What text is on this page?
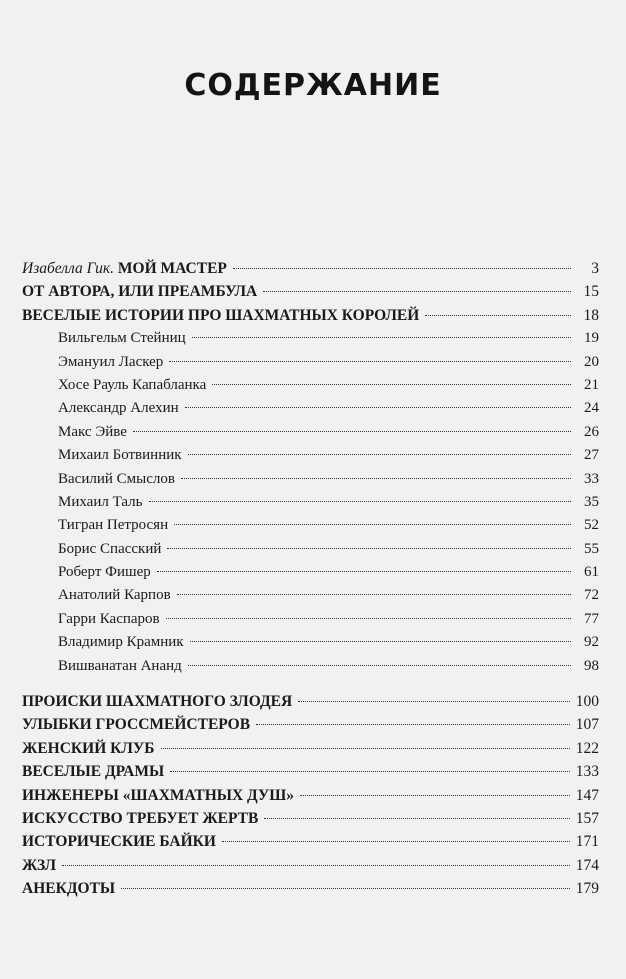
СОДЕРЖАНИЕ
Изабелла Гик. МОЙ МАСТЕР	3
ОТ АВТОРА, ИЛИ ПРЕАМБУЛА	15
ВЕСЕЛЫЕ ИСТОРИИ ПРО ШАХМАТНЫХ КОРОЛЕЙ	18
Вильгельм Стейниц	19
Эмануил Ласкер	20
Хосе Рауль Капабланка	21
Александр Алехин	24
Макс Эйве	26
Михаил Ботвинник	27
Василий Смыслов	33
Михаил Таль	35
Тигран Петросян	52
Борис Спасский	55
Роберт Фишер	61
Анатолий Карпов	72
Гарри Каспаров	77
Владимир Крамник	92
Вишванатан Ананд	98
ПРОИСКИ ШАХМАТНОГО ЗЛОДЕЯ	100
УЛЫБКИ ГРОССМЕЙСТЕРОВ	107
ЖЕНСКИЙ КЛУБ	122
ВЕСЕЛЫЕ ДРАМЫ	133
ИНЖЕНЕРЫ «ШАХМАТНЫХ ДУШ»	147
ИСКУССТВО ТРЕБУЕТ ЖЕРТВ	157
ИСТОРИЧЕСКИЕ БАЙКИ	171
ЖЗЛ	174
АНЕКДОТЫ	179
